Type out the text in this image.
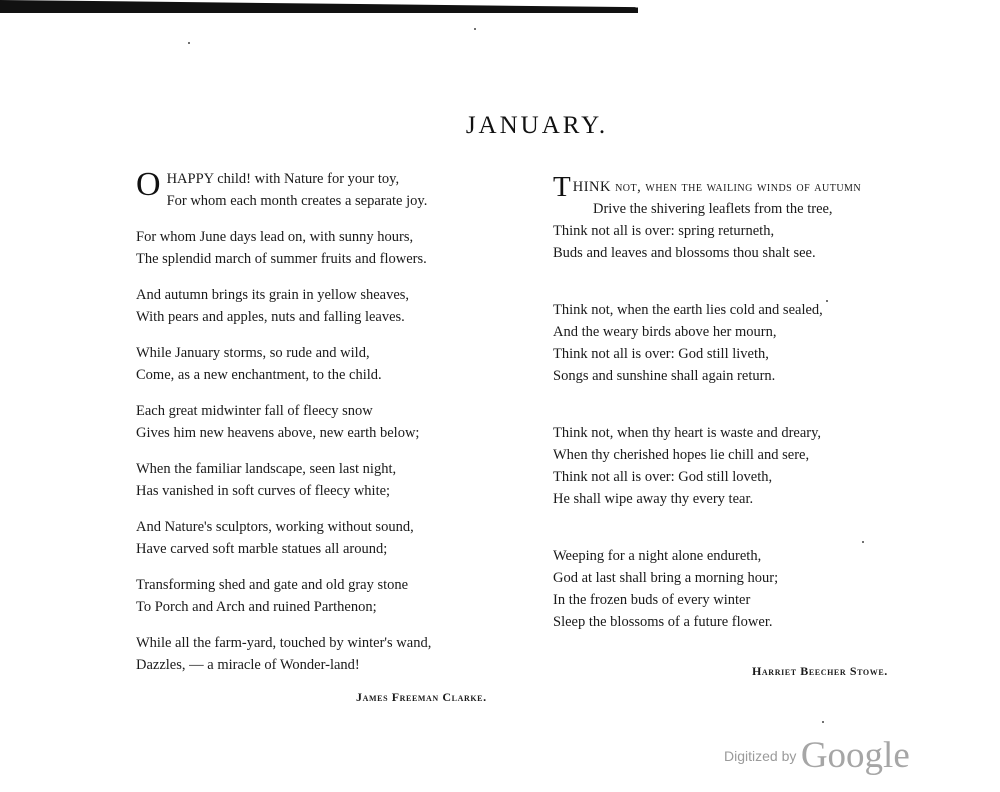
JANUARY.
O HAPPY child! with Nature for your toy,
For whom each month creates a separate joy.
For whom June days lead on, with sunny hours,
The splendid march of summer fruits and flowers.
And autumn brings its grain in yellow sheaves,
With pears and apples, nuts and falling leaves.
While January storms, so rude and wild,
Come, as a new enchantment, to the child.
Each great midwinter fall of fleecy snow
Gives him new heavens above, new earth below;
When the familiar landscape, seen last night,
Has vanished in soft curves of fleecy white;
And Nature's sculptors, working without sound,
Have carved soft marble statues all around;
Transforming shed and gate and old gray stone
To Porch and Arch and ruined Parthenon;
While all the farm-yard, touched by winter's wand,
Dazzles, — a miracle of Wonder-land!
James Freeman Clarke.
THINK not, when the wailing winds of autumn
Drive the shivering leaflets from the tree,
Think not all is over: spring returneth,
Buds and leaves and blossoms thou shalt see.
Think not, when the earth lies cold and sealed,
And the weary birds above her mourn,
Think not all is over: God still liveth,
Songs and sunshine shall again return.
Think not, when thy heart is waste and dreary,
When thy cherished hopes lie chill and sere,
Think not all is over: God still loveth,
He shall wipe away thy every tear.
Weeping for a night alone endureth,
God at last shall bring a morning hour;
In the frozen buds of every winter
Sleep the blossoms of a future flower.
Harriet Beecher Stowe.
Digitized by Google
